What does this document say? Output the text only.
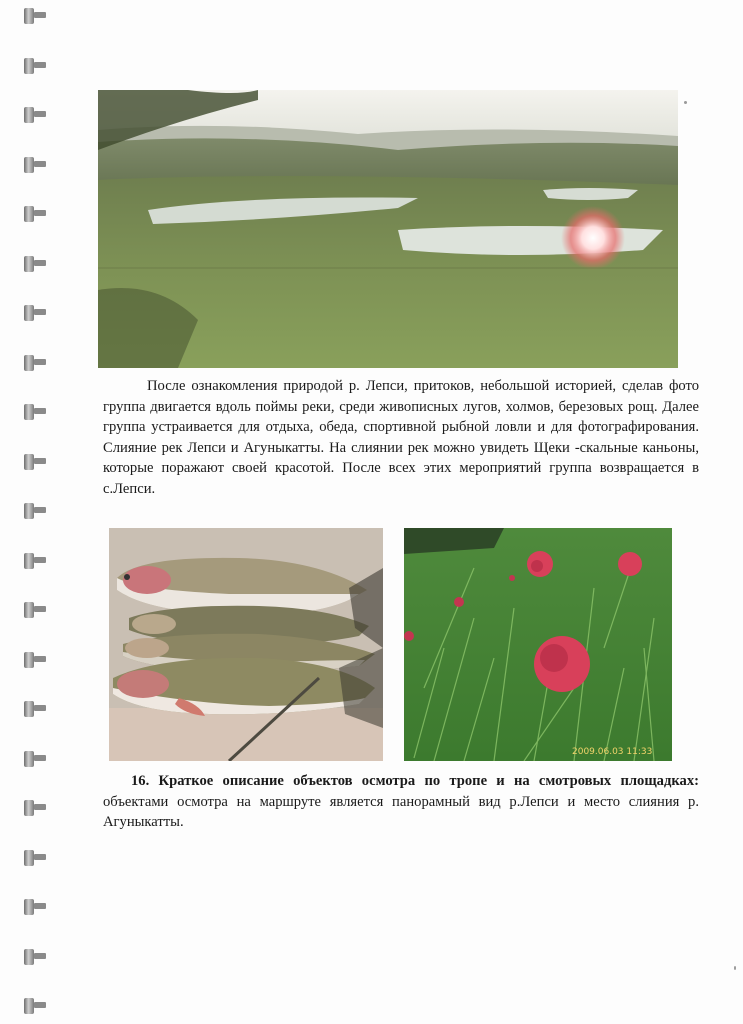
После ознакомления природой р. Лепси, притоков, небольшой историей, сделав фото группа двигается вдоль поймы реки, среди живописных лугов, холмов, березовых рощ. Далее группа устраивается для отдыха, обеда, спортивной рыбной ловли и для фотографирования. Слияние рек Лепси и Агуныкатты. На слиянии рек можно увидеть Щеки -скальные каньоны, которые поражают своей красотой. После всех этих мероприятий группа возвращается в с.Лепси.
2009.06.03 11:33
16. Краткое описание объектов осмотра по тропе и на смотровых площадках: объектами осмотра на маршруте является панорамный вид р.Лепси и место слияния р. Агуныкатты.
